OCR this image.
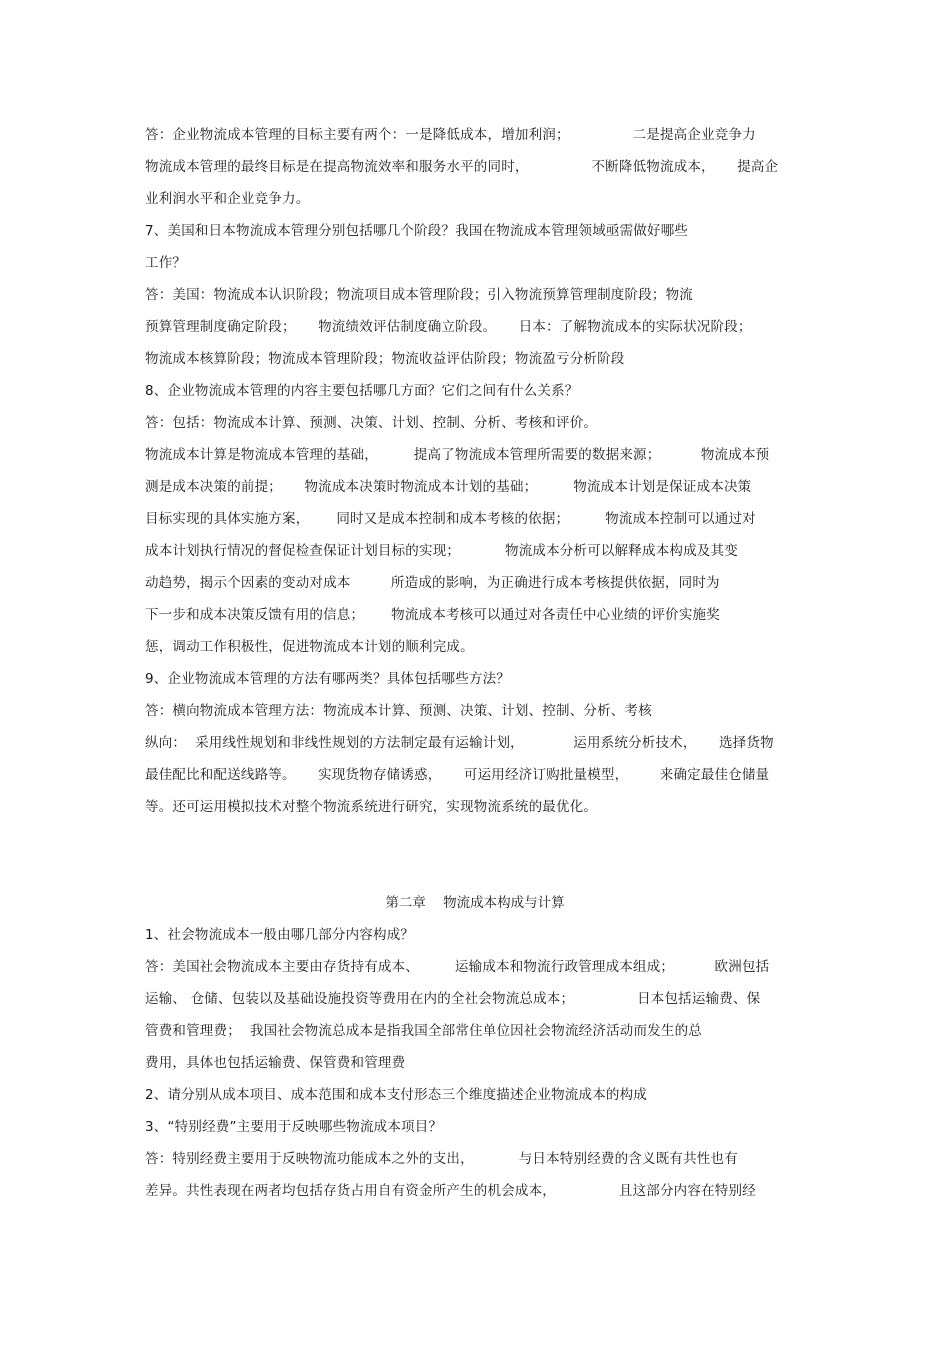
答：企业物流成本管理的目标主要有两个：一是降低成本，增加利润；              二是提高企业竞争力
物流成本管理的最终目标是在提高物流效率和服务水平的同时，              不断降低物流成本，     提高企
业利润水平和企业竞争力。
7、美国和日本物流成本管理分别包括哪几个阶段？我国在物流成本管理领域亟需做好哪些
工作？
答：美国：物流成本认识阶段；物流项目成本管理阶段；引入物流预算管理制度阶段；物流
预算管理制度确定阶段；     物流绩效评估制度确立阶段。     日本：了解物流成本的实际状况阶段；
物流成本核算阶段；物流成本管理阶段；物流收益评估阶段；物流盈亏分析阶段
8、企业物流成本管理的内容主要包括哪几方面？它们之间有什么关系？
答：包括：物流成本计算、预测、决策、计划、控制、分析、考核和评价。
物流成本计算是物流成本管理的基础，        提高了物流成本管理所需要的数据来源；         物流成本预
测是成本决策的前提；     物流成本决策时物流成本计划的基础；        物流成本计划是保证成本决策
目标实现的具体实施方案，      同时又是成本控制和成本考核的依据；        物流成本控制可以通过对
成本计划执行情况的督促检查保证计划目标的实现；          物流成本分析可以解释成本构成及其变
动趋势，揭示个因素的变动对成本         所造成的影响，为正确进行成本考核提供依据，同时为
下一步和成本决策反馈有用的信息；      物流成本考核可以通过对各责任中心业绩的评价实施奖
惩，调动工作积极性，促进物流成本计划的顺利完成。
9、企业物流成本管理的方法有哪两类？具体包括哪些方法？
答：横向物流成本管理方法：物流成本计算、预测、决策、计划、控制、分析、考核
纵向：  采用线性规划和非线性规划的方法制定最有运输计划，           运用系统分析技术，     选择货物
最佳配比和配送线路等。     实现货物存储诱惑，     可运用经济订购批量模型，       来确定最佳仓储量
等。还可运用模拟技术对整个物流系统进行研究，实现物流系统的最优化。
第二章    物流成本构成与计算
1、社会物流成本一般由哪几部分内容构成？
答：美国社会物流成本主要由存货持有成本、        运输成本和物流行政管理成本组成；         欧洲包括
运输、 仓储、包装以及基础设施投资等费用在内的全社会物流总成本；              日本包括运输费、保
管费和管理费；  我国社会物流总成本是指我国全部常住单位因社会物流经济活动而发生的总
费用，具体也包括运输费、保管费和管理费
2、请分别从成本项目、成本范围和成本支付形态三个维度描述企业物流成本的构成
3、“特别经费”主要用于反映哪些物流成本项目？
答：特别经费主要用于反映物流功能成本之外的支出，          与日本特别经费的含义既有共性也有
差异。共性表现在两者均包括存货占用自有资金所产生的机会成本，              且这部分内容在特别经
